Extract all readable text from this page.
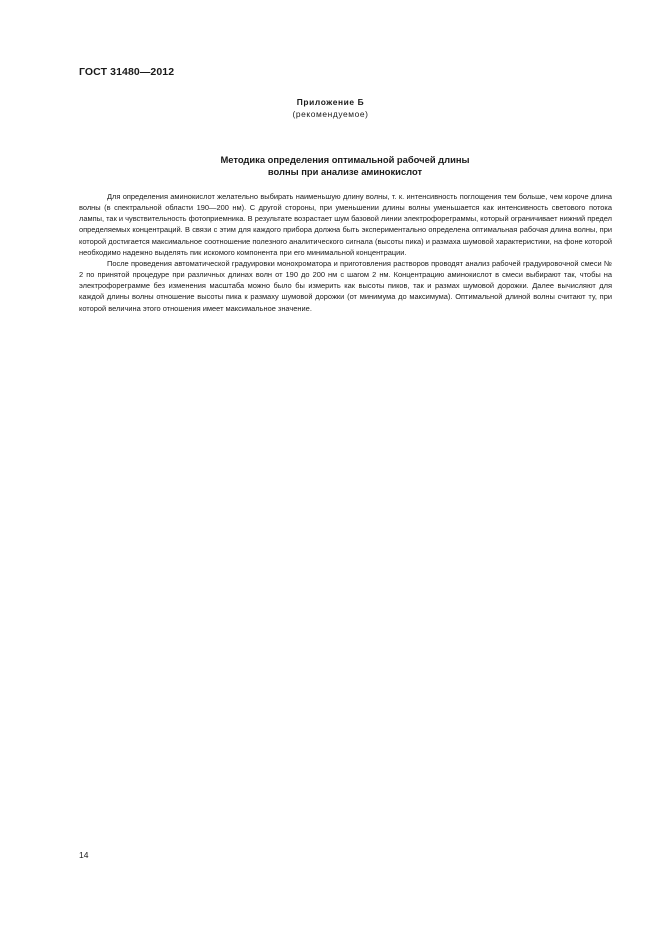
ГОСТ 31480—2012
Приложение Б
(рекомендуемое)
Методика определения оптимальной рабочей длины
волны при анализе аминокислот

Для определения аминокислот желательно выбирать наименьшую длину волны, т. к. интенсивность поглощения тем больше, чем короче длина волны (в спектральной области 190—200 нм). С другой стороны, при уменьшении длины волны уменьшается как интенсивность светового потока лампы, так и чувствительность фотоприемника. В результате возрастает шум базовой линии электрофореграммы, который ограничивает нижний предел определяемых концентраций. В связи с этим для каждого прибора должна быть экспериментально определена оптимальная рабочая длина волны, при которой достигается максимальное соотношение полезного аналитического сигнала (высоты пика) и размаха шумовой характеристики, на фоне которой необходимо надежно выделять пик искомого компонента при его минимальной концентрации.

После проведения автоматической градуировки монохроматора и приготовления растворов проводят анализ рабочей градуировочной смеси № 2 по принятой процедуре при различных длинах волн от 190 до 200 нм с шагом 2 нм. Концентрацию аминокислот в смеси выбирают так, чтобы на электрофореграмме без изменения масштаба можно было бы измерить как высоты пиков, так и размах шумовой дорожки. Далее вычисляют для каждой длины волны отношение высоты пика к размаху шумовой дорожки (от минимума до максимума). Оптимальной длиной волны считают ту, при которой величина этого отношения имеет максимальное значение.

14
